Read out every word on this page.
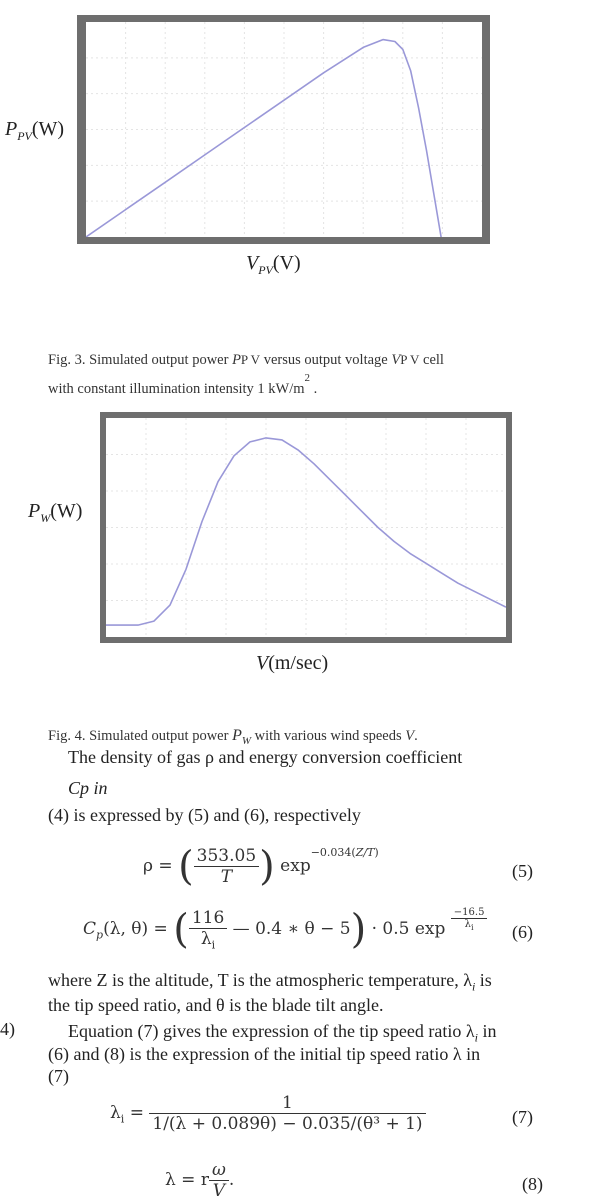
$P_{PV}(W)$
$V_{PV}(V)$
Fig. 3. Simulated output power PP V versus output voltage VP V cell
with constant illumination intensity 1 $kW/m^2$ .
$P_W(W)$
V(m/sec)
Fig. 4. Simulated output power $P_W$ with various wind speeds V.
The density of gas ρ and energy conversion coefficient
Cp in
(4) is expressed by (5) and (6), respectively
ρ = ( $\frac{353.05}{T}$ ) $\exp^{-0.034(Z/T)}$
(5)
$C_p(\lambda$, θ) = ( $\frac{116}{\lambda_i}$ — 0.4 ∗ θ − 5) · 0.5 $\exp \frac{-16.5}{\lambda_i} (6)$
where Z is the altitude, T is the atmospheric temperature, $\lambda_i$ is
the tip speed ratio, and θ is the blade tilt angle.
4)	Equation (7) gives the expression of the tip speed ratio $\lambda_i$ in
(6) and (8) is the expression of the initial tip speed ratio λ in
(7)
$\lambda_i = \frac{1}{\text{1/(λ + 0.089θ) − 0.035/(θ³ + 1)}}$	(7)
λ = r $\frac{\omega}{V}$ .	(8)
